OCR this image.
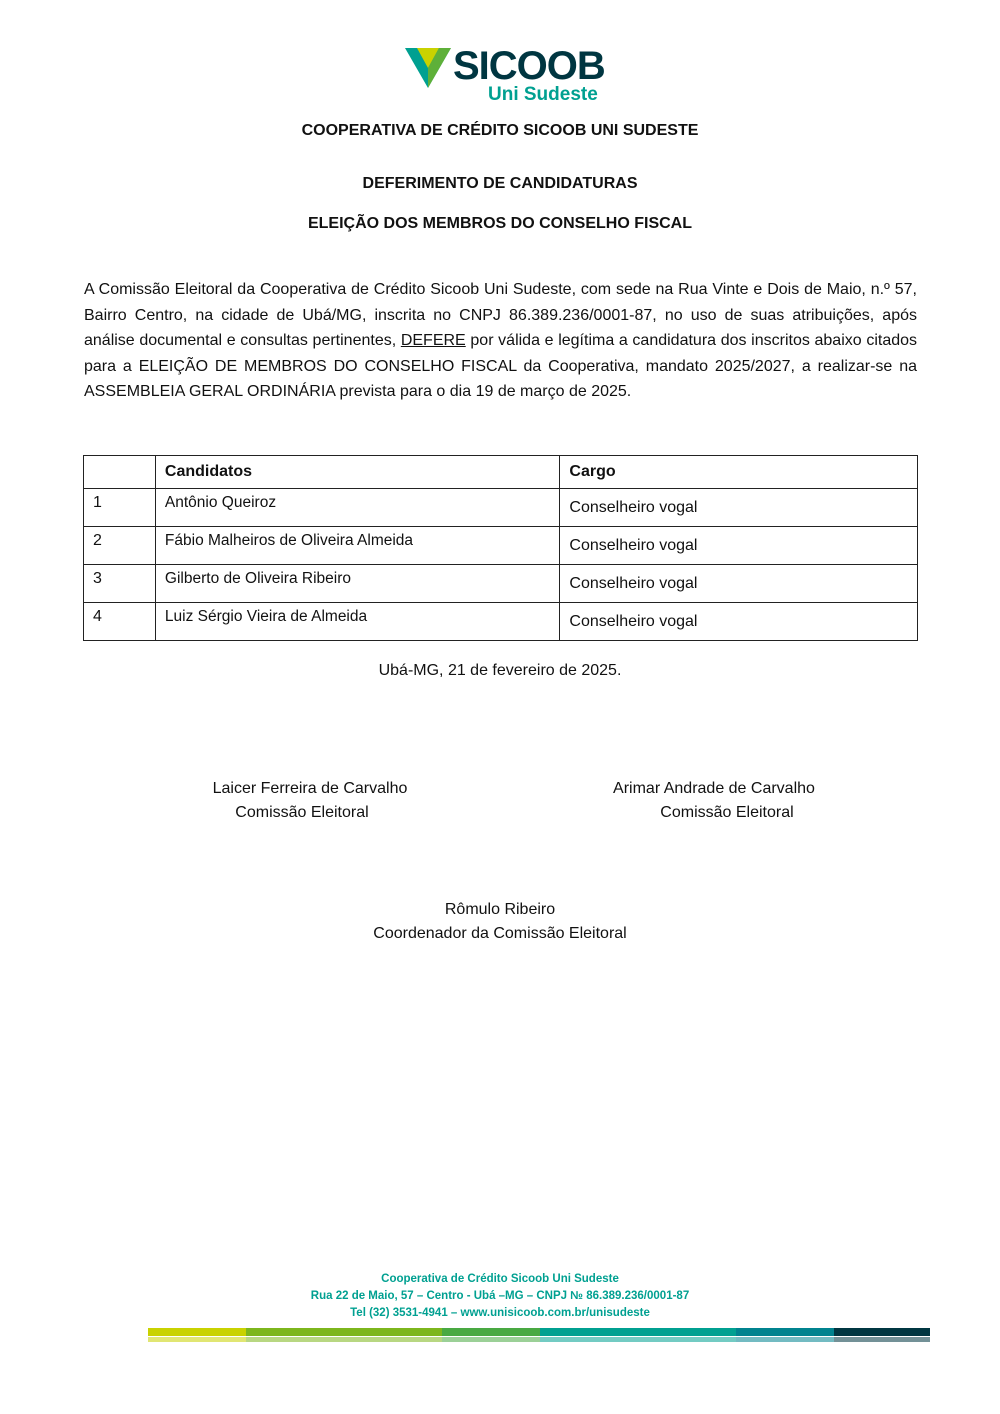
SICOOB
Uni Sudeste
COOPERATIVA DE CRÉDITO SICOOB UNI SUDESTE
DEFERIMENTO DE CANDIDATURAS
ELEIÇÃO DOS MEMBROS DO CONSELHO FISCAL
A Comissão Eleitoral da Cooperativa de Crédito Sicoob Uni Sudeste, com sede na Rua Vinte e Dois de Maio, n.º 57, Bairro Centro, na cidade de Ubá/MG, inscrita no CNPJ 86.389.236/0001-87, no uso de suas atribuições, após análise documental e consultas pertinentes, DEFERE por válida e legítima a candidatura dos inscritos abaixo citados para a ELEIÇÃO DE MEMBROS DO CONSELHO FISCAL da Cooperativa, mandato 2025/2027, a realizar-se na ASSEMBLEIA GERAL ORDINÁRIA prevista para o dia 19 de março de 2025.
	Candidatos	Cargo
1	Antônio Queiroz	Conselheiro vogal
2	Fábio Malheiros de Oliveira Almeida	Conselheiro vogal
3	Gilberto de Oliveira Ribeiro	Conselheiro vogal
4	Luiz Sérgio Vieira de Almeida	Conselheiro vogal
Ubá-MG, 21 de fevereiro de 2025.
Laicer Ferreira de Carvalho
Comissão Eleitoral
Arimar Andrade de Carvalho
Comissão Eleitoral
Rômulo Ribeiro
Coordenador da Comissão Eleitoral
Cooperativa de Crédito Sicoob Uni Sudeste
Rua 22 de Maio, 57 – Centro - Ubá –MG – CNPJ № 86.389.236/0001-87
Tel (32) 3531-4941 – www.unisicoob.com.br/unisudeste
